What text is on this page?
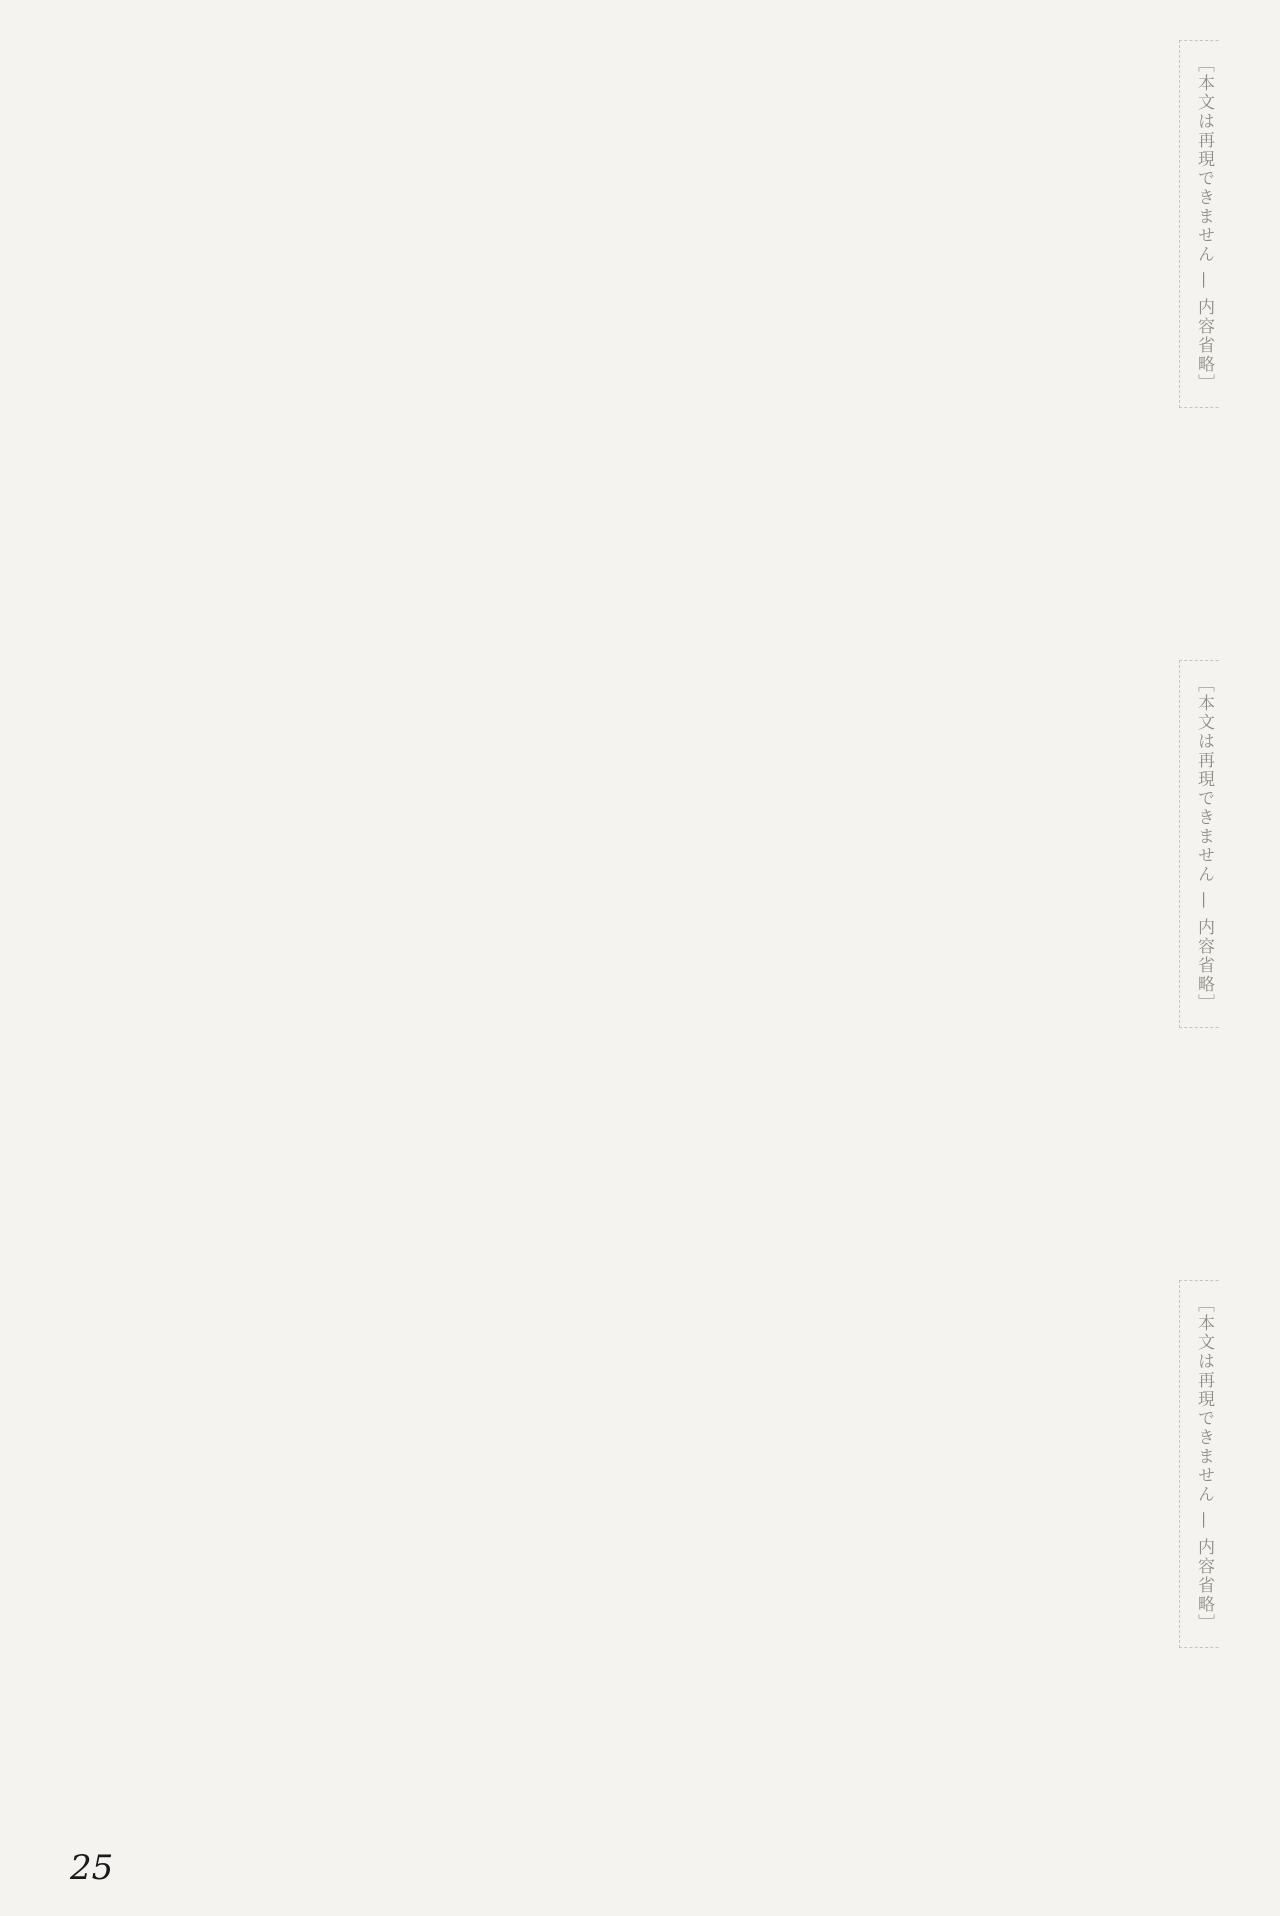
［本文は再現できません — 内容省略］
［本文は再現できません — 内容省略］
［本文は再現できません — 内容省略］
25
